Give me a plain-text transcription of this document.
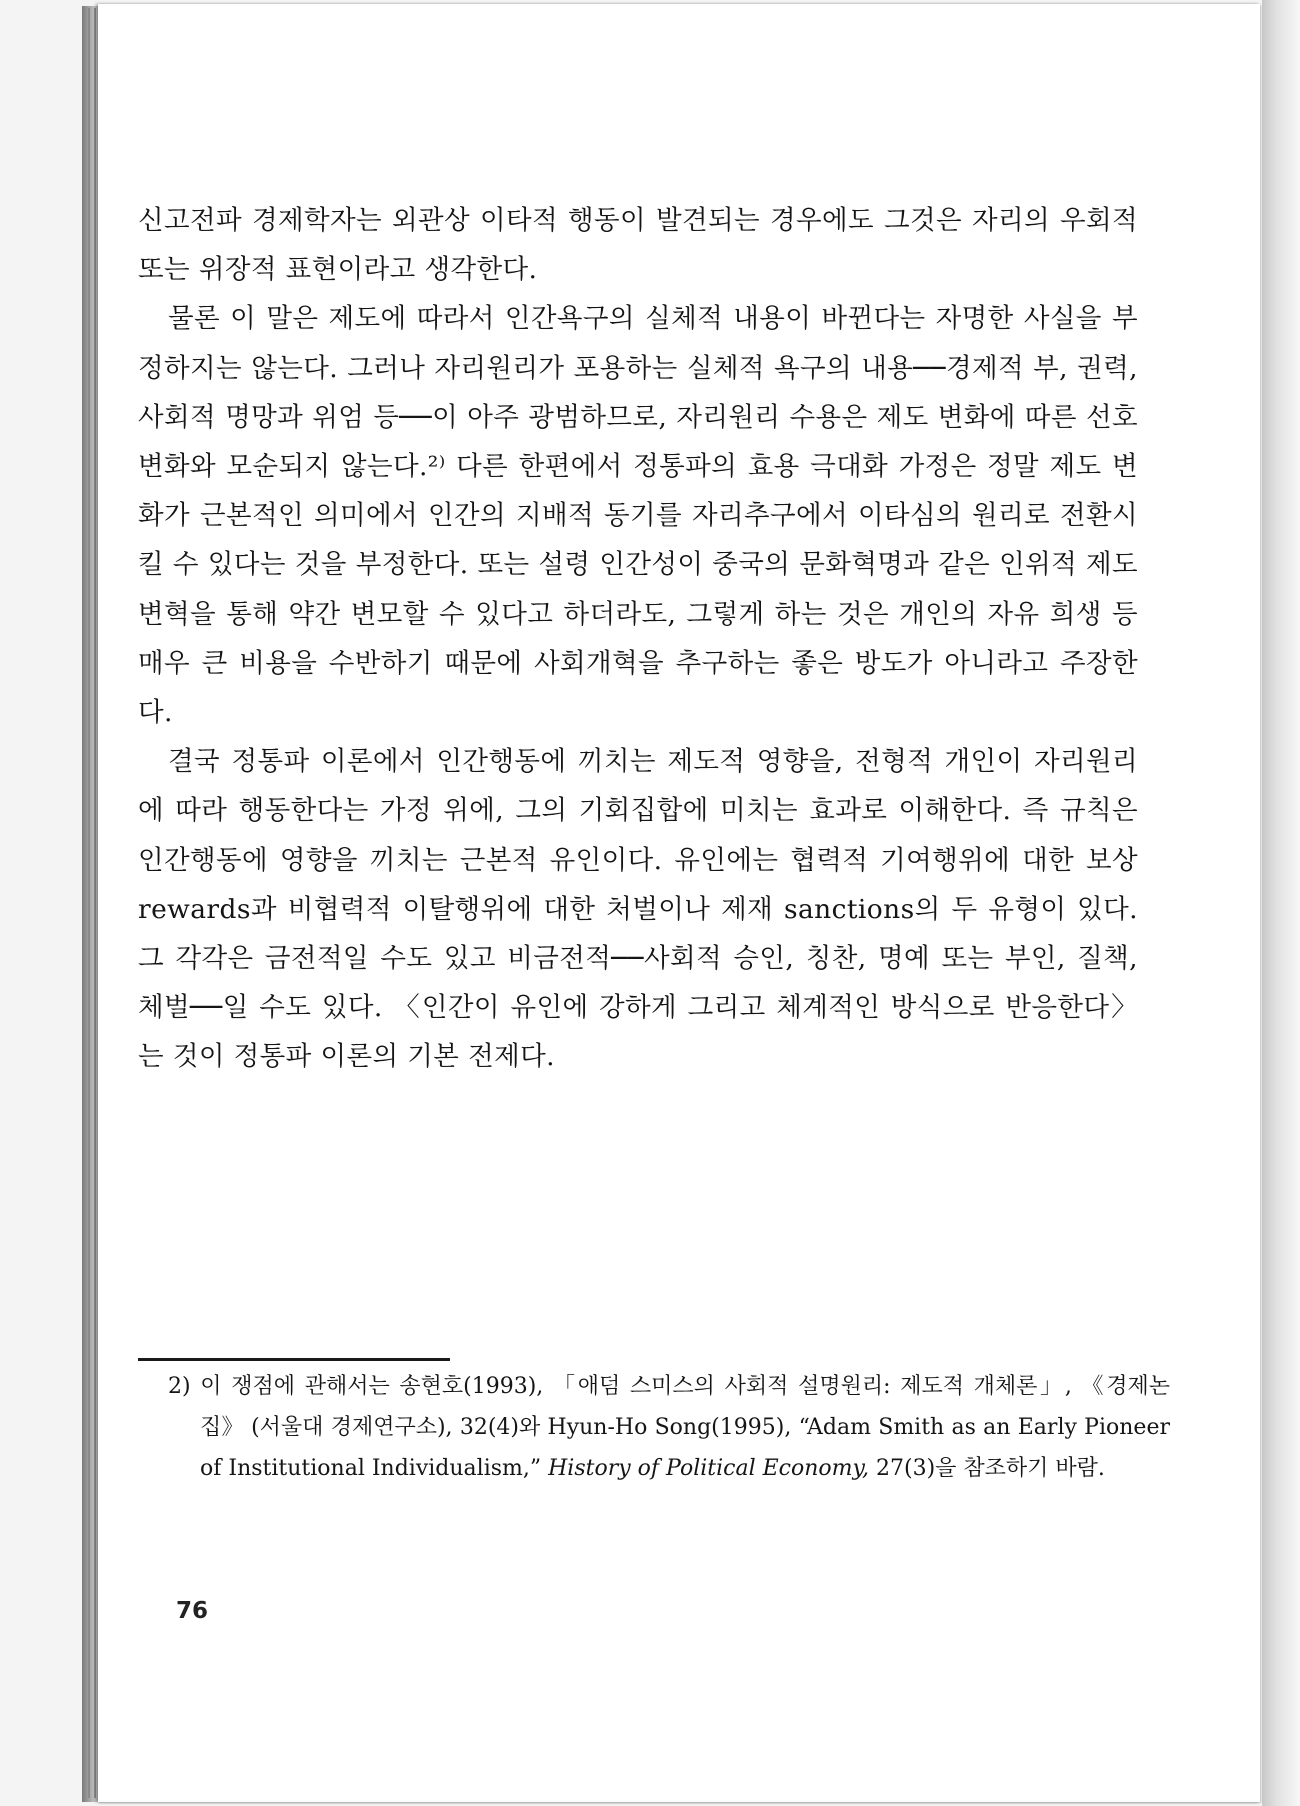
신고전파 경제학자는 외관상 이타적 행동이 발견되는 경우에도 그것은 자리의 우회적 또는 위장적 표현이라고 생각한다.

물론 이 말은 제도에 따라서 인간욕구의 실체적 내용이 바뀐다는 자명한 사실을 부정하지는 않는다. 그러나 자리원리가 포용하는 실체적 욕구의 내용──경제적 부, 권력, 사회적 명망과 위엄 등──이 아주 광범하므로, 자리원리 수용은 제도 변화에 따른 선호 변화와 모순되지 않는다.²⁾ 다른 한편에서 정통파의 효용 극대화 가정은 정말 제도 변화가 근본적인 의미에서 인간의 지배적 동기를 자리추구에서 이타심의 원리로 전환시킬 수 있다는 것을 부정한다. 또는 설령 인간성이 중국의 문화혁명과 같은 인위적 제도변혁을 통해 약간 변모할 수 있다고 하더라도, 그렇게 하는 것은 개인의 자유 희생 등 매우 큰 비용을 수반하기 때문에 사회개혁을 추구하는 좋은 방도가 아니라고 주장한다.

결국 정통파 이론에서 인간행동에 끼치는 제도적 영향을, 전형적 개인이 자리원리에 따라 행동한다는 가정 위에, 그의 기회집합에 미치는 효과로 이해한다. 즉 규칙은 인간행동에 영향을 끼치는 근본적 유인이다. 유인에는 협력적 기여행위에 대한 보상 rewards과 비협력적 이탈행위에 대한 처벌이나 제재 sanctions의 두 유형이 있다. 그 각각은 금전적일 수도 있고 비금전적──사회적 승인, 칭찬, 명예 또는 부인, 질책, 체벌──일 수도 있다. 〈인간이 유인에 강하게 그리고 체계적인 방식으로 반응한다〉는 것이 정통파 이론의 기본 전제다.

2) 이 쟁점에 관해서는 송현호(1993), 「애덤 스미스의 사회적 설명원리: 제도적 개체론」, 《경제논집》 (서울대 경제연구소), 32(4)와 Hyun-Ho Song(1995), “Adam Smith as an Early Pioneer of Institutional Individualism,” History of Political Economy, 27(3)을 참조하기 바람.

76
